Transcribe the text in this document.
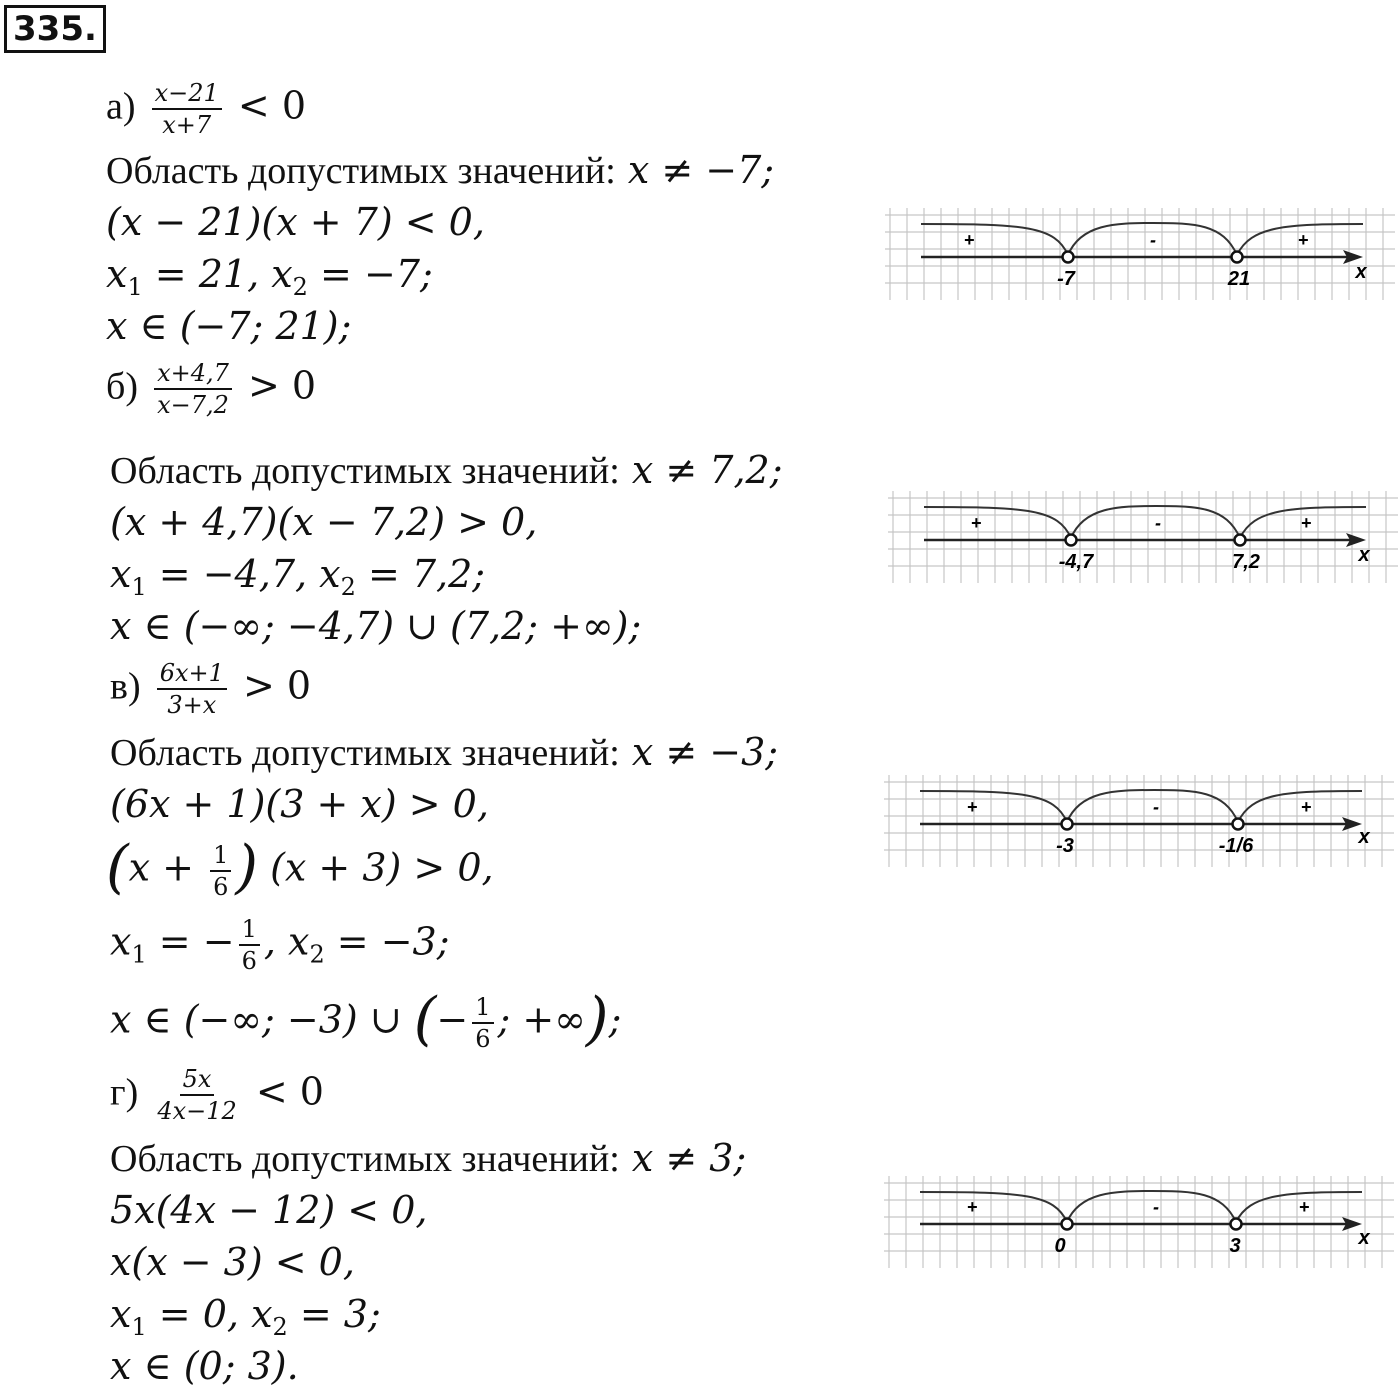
335.
$а) \frac{x-21}{x+7} < 0$
Область допустимых значений: x ≠ −7;
(x − 21)(x + 7) < 0,
$x_1 = 21$, $x_2 = -7$;
x ∈ (−7; 21);
+	-	+
-7	21	x
$б) \frac{x+4,7}{x-7,2} > 0$
Область допустимых значений: x ≠ 7,2;
(x + 4,7)(x − 7,2) > 0,
$x_1 = -4,7$, $x_2 = 7,2$;
x ∈ (−∞; −4,7) ∪ (7,2; +∞);
+	-	+
-4,7	7,2	x
$в) \frac{6x+1}{3+x} > 0$
Область допустимых значений: x ≠ −3;
(6x + 1)(3 + x) > 0,
($x + \frac{1}{6}$ ) (x + 3) > 0,
$x_1$ = − $\frac{1}{6}$ , $x_2 = -3$;
x ∈ (−∞; −3) ∪ (− $\frac{1}{6}$ ; +∞);
+	-	+
-3	-1/6	x
$г) \frac{5x}{4x-12} < 0$
Область допустимых значений: x ≠ 3;
5x(4x − 12) < 0,
x(x − 3) < 0,
$x_1 = 0$, $x_2 = 3$;
x ∈ (0; 3).
+	-	+
0	3	x
